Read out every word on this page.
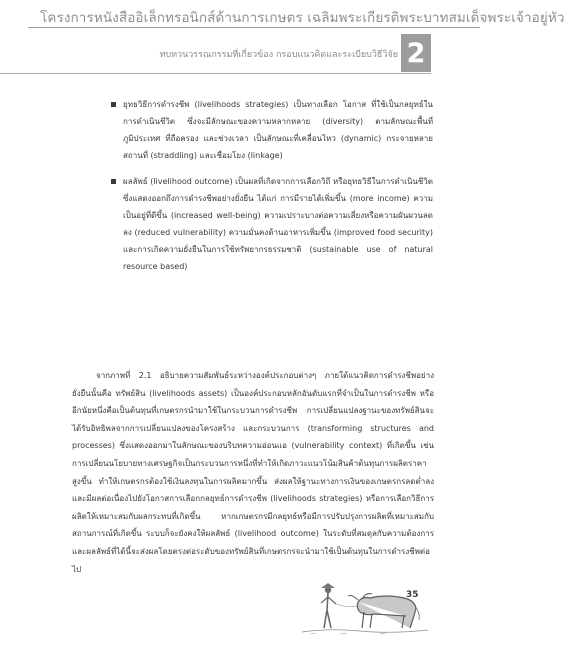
โครงการหนังสืออิเล็กทรอนิกส์ด้านการเกษตร เฉลิมพระเกียรติพระบาทสมเด็จพระเจ้าอยู่หัว
ทบทวนวรรณกรรมที่เกี่ยวข้อง กรอบแนวคิดและระเบียบวิธีวิจัย 2
ยุทธวิธีการดำรงชีพ (livelihoods strategies) เป็นทางเลือก โอกาส ที่ใช้เป็นกลยุทธ์ในการดำเนินชีวิต ซึ่งจะมีลักษณะของความหลากหลาย (diversity) ตามลักษณะพื้นที่ ภูมิประเทศ ที่ถือครอง และช่วงเวลา เป็นลักษณะที่เคลื่อนไหว (dynamic) กระจายหลายสถานที่ (straddling) และเชื่อมโยง (linkage)
ผลลัพธ์ (livelihood outcome) เป็นผลที่เกิดจากการเลือกวิถี หรือยุทธวิธีในการดำเนินชีวิตซึ่งแสดงออกถึงการดำรงชีพอย่างยั่งยืน ได้แก่ การมีรายได้เพิ่มขึ้น (more income) ความเป็นอยู่ที่ดีขึ้น (increased well-being) ความเปราะบางต่อความเสี่ยงหรือความผันผวนลดลง (reduced vulnerability) ความมั่นคงด้านอาหารเพิ่มขึ้น (improved food security) และการเกิดความยั่งยืนในการใช้ทรัพยากรธรรมชาติ (sustainable use of natural resource based)
จากภาพที่ 2.1 อธิบายความสัมพันธ์ระหว่างองค์ประกอบต่างๆ ภายใต้แนวคิดการดำรงชีพอย่างยั่งยืนนั้นคือ ทรัพย์สิน (livelihoods assets) เป็นองค์ประกอบหลักอันดับแรกที่จำเป็นในการดำรงชีพ หรืออีกนัยหนึ่งคือเป็นต้นทุนที่เกษตรกรนำมาใช้ในกระบวนการดำรงชีพ การเปลี่ยนแปลงฐานะของทรัพย์สินจะได้รับอิทธิพลจากการเปลี่ยนแปลงของโครงสร้าง และกระบวนการ (transforming structures and processes) ซึ่งแสดงออกมาในลักษณะของบริบทความอ่อนแอ (vulnerability context) ที่เกิดขึ้น เช่น การเปลี่ยนนโยบายทางเศรษฐกิจเป็นกระบวนการหนึ่งที่ทำให้เกิดภาวะแนวโน้มสินค้าต้นทุนการผลิตราคาสูงขึ้น ทำให้เกษตรกรต้องใช้เงินลงทุนในการผลิตมากขึ้น ส่งผลให้ฐานะทางการเงินของเกษตรกรลดต่ำลง และมีผลต่อเนื่องไปยังโอกาสการเลือกกลยุทธ์การดำรงชีพ (livelihoods strategies) หรือการเลือกวิธีการผลิตให้เหมาะสมกับผลกระทบที่เกิดขึ้น หากเกษตรกรมีกลยุทธ์หรือมีการปรับปรุงการผลิตที่เหมาะสมกับสถานการณ์ที่เกิดขึ้น ระบบก็จะยังคงให้ผลลัพธ์ (livelihood outcome) ในระดับที่สมดุลกับความต้องการและผลลัพธ์ที่ได้นี้จะส่งผลโดยตรงต่อระดับของทรัพย์สินที่เกษตรกรจะนำมาใช้เป็นต้นทุนในการดำรงชีพต่อไป
35
